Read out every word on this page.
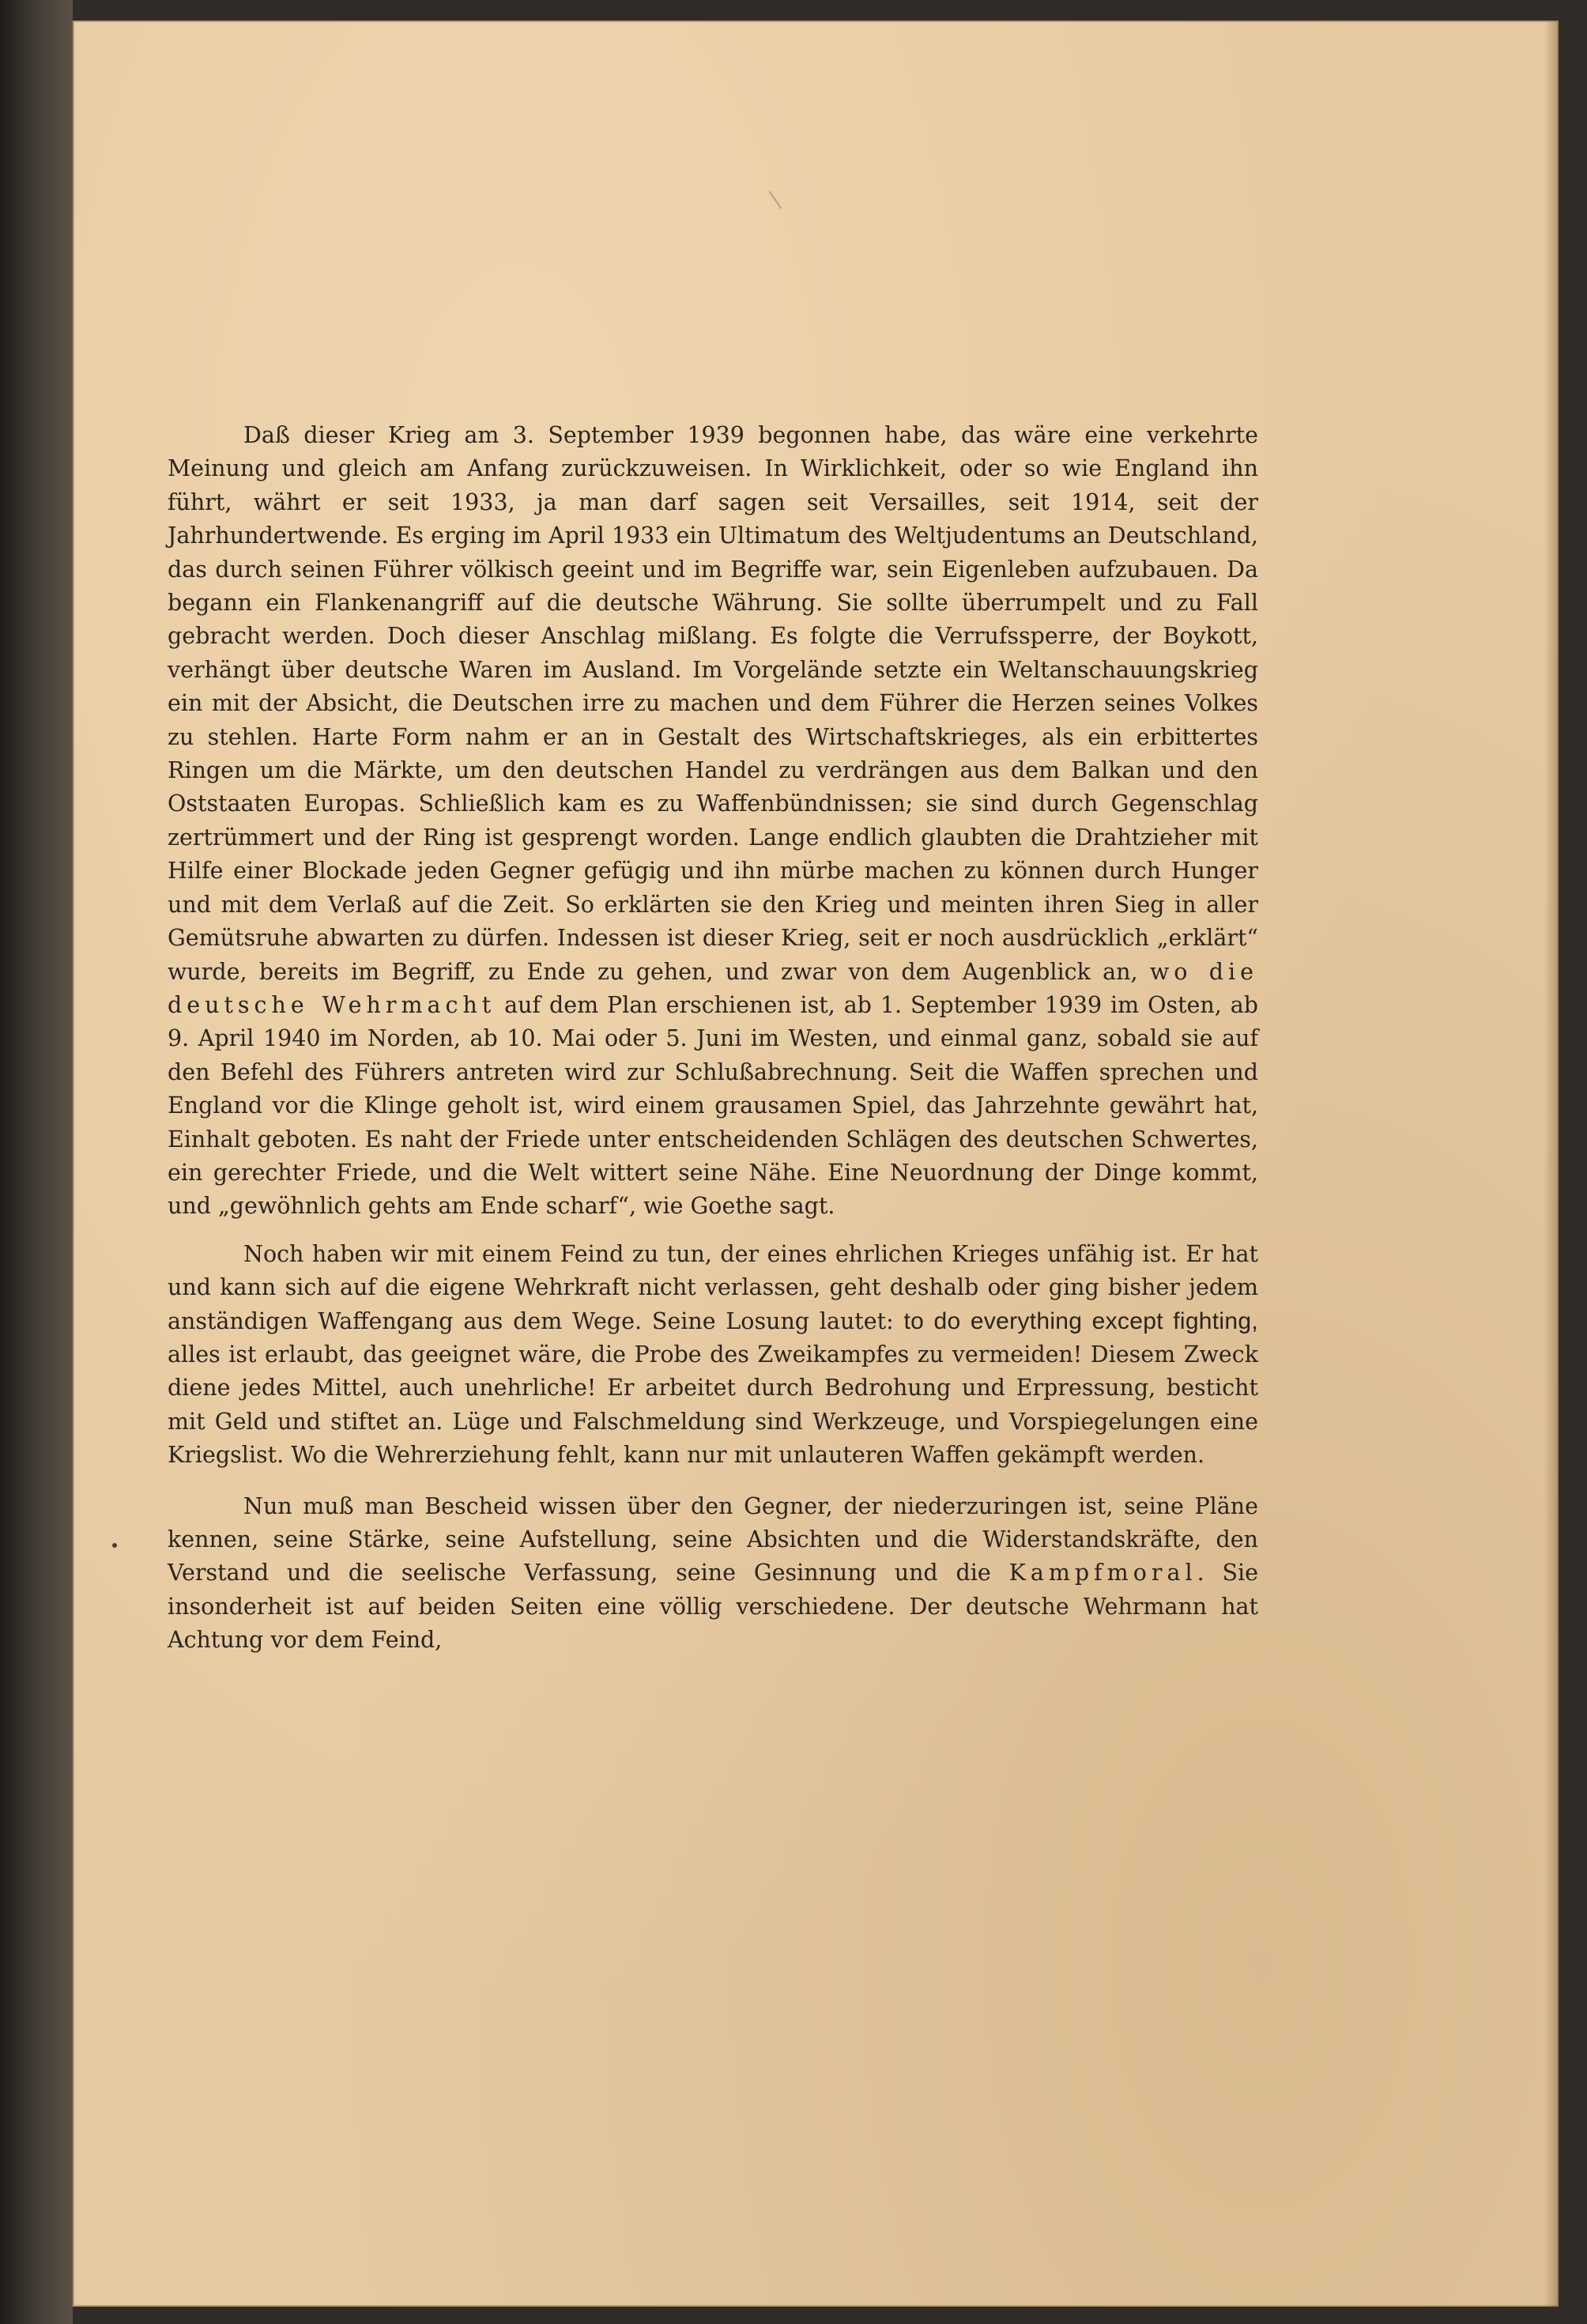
Daß dieser Krieg am 3. September 1939 begonnen habe, das wäre eine verkehrte Meinung und gleich am Anfang zurückzuweisen. In Wirklichkeit, oder so wie England ihn führt, währt er seit 1933, ja man darf sagen seit Versailles, seit 1914, seit der Jahrhundertwende. Es erging im April 1933 ein Ultimatum des Weltjudentums an Deutschland, das durch seinen Führer völkisch geeint und im Begriffe war, sein Eigenleben aufzubauen. Da begann ein Flankenangriff auf die deutsche Währung. Sie sollte überrumpelt und zu Fall gebracht werden. Doch dieser Anschlag mißlang. Es folgte die Verrufssperre, der Boykott, verhängt über deutsche Waren im Ausland. Im Vorgelände setzte ein Weltanschauungskrieg ein mit der Absicht, die Deutschen irre zu machen und dem Führer die Herzen seines Volkes zu stehlen. Harte Form nahm er an in Gestalt des Wirtschaftskrieges, als ein erbittertes Ringen um die Märkte, um den deutschen Handel zu verdrängen aus dem Balkan und den Oststaaten Europas. Schließlich kam es zu Waffenbündnissen; sie sind durch Gegenschlag zertrümmert und der Ring ist gesprengt worden. Lange endlich glaubten die Drahtzieher mit Hilfe einer Blockade jeden Gegner gefügig und ihn mürbe machen zu können durch Hunger und mit dem Verlaß auf die Zeit. So erklärten sie den Krieg und meinten ihren Sieg in aller Gemütsruhe abwarten zu dürfen. Indessen ist dieser Krieg, seit er noch ausdrücklich „erklärt“ wurde, bereits im Begriff, zu Ende zu gehen, und zwar von dem Augenblick an, wo die deutsche Wehrmacht auf dem Plan erschienen ist, ab 1. September 1939 im Osten, ab 9. April 1940 im Norden, ab 10. Mai oder 5. Juni im Westen, und einmal ganz, sobald sie auf den Befehl des Führers antreten wird zur Schlußabrechnung. Seit die Waffen sprechen und England vor die Klinge geholt ist, wird einem grausamen Spiel, das Jahrzehnte gewährt hat, Einhalt geboten. Es naht der Friede unter entscheidenden Schlägen des deutschen Schwertes, ein gerechter Friede, und die Welt wittert seine Nähe. Eine Neuordnung der Dinge kommt, und „gewöhnlich gehts am Ende scharf“, wie Goethe sagt.

Noch haben wir mit einem Feind zu tun, der eines ehrlichen Krieges unfähig ist. Er hat und kann sich auf die eigene Wehrkraft nicht verlassen, geht deshalb oder ging bisher jedem anständigen Waffengang aus dem Wege. Seine Losung lautet: to do everything except fighting, alles ist erlaubt, das geeignet wäre, die Probe des Zweikampfes zu vermeiden! Diesem Zweck diene jedes Mittel, auch unehrliche! Er arbeitet durch Bedrohung und Erpressung, besticht mit Geld und stiftet an. Lüge und Falschmeldung sind Werkzeuge, und Vorspiegelungen eine Kriegslist. Wo die Wehrerziehung fehlt, kann nur mit unlauteren Waffen gekämpft werden.

Nun muß man Bescheid wissen über den Gegner, der niederzuringen ist, seine Pläne kennen, seine Stärke, seine Aufstellung, seine Absichten und die Widerstandskräfte, den Verstand und die seelische Verfassung, seine Gesinnung und die Kampfmoral. Sie insonderheit ist auf beiden Seiten eine völlig verschiedene. Der deutsche Wehrmann hat Achtung vor dem Feind,
